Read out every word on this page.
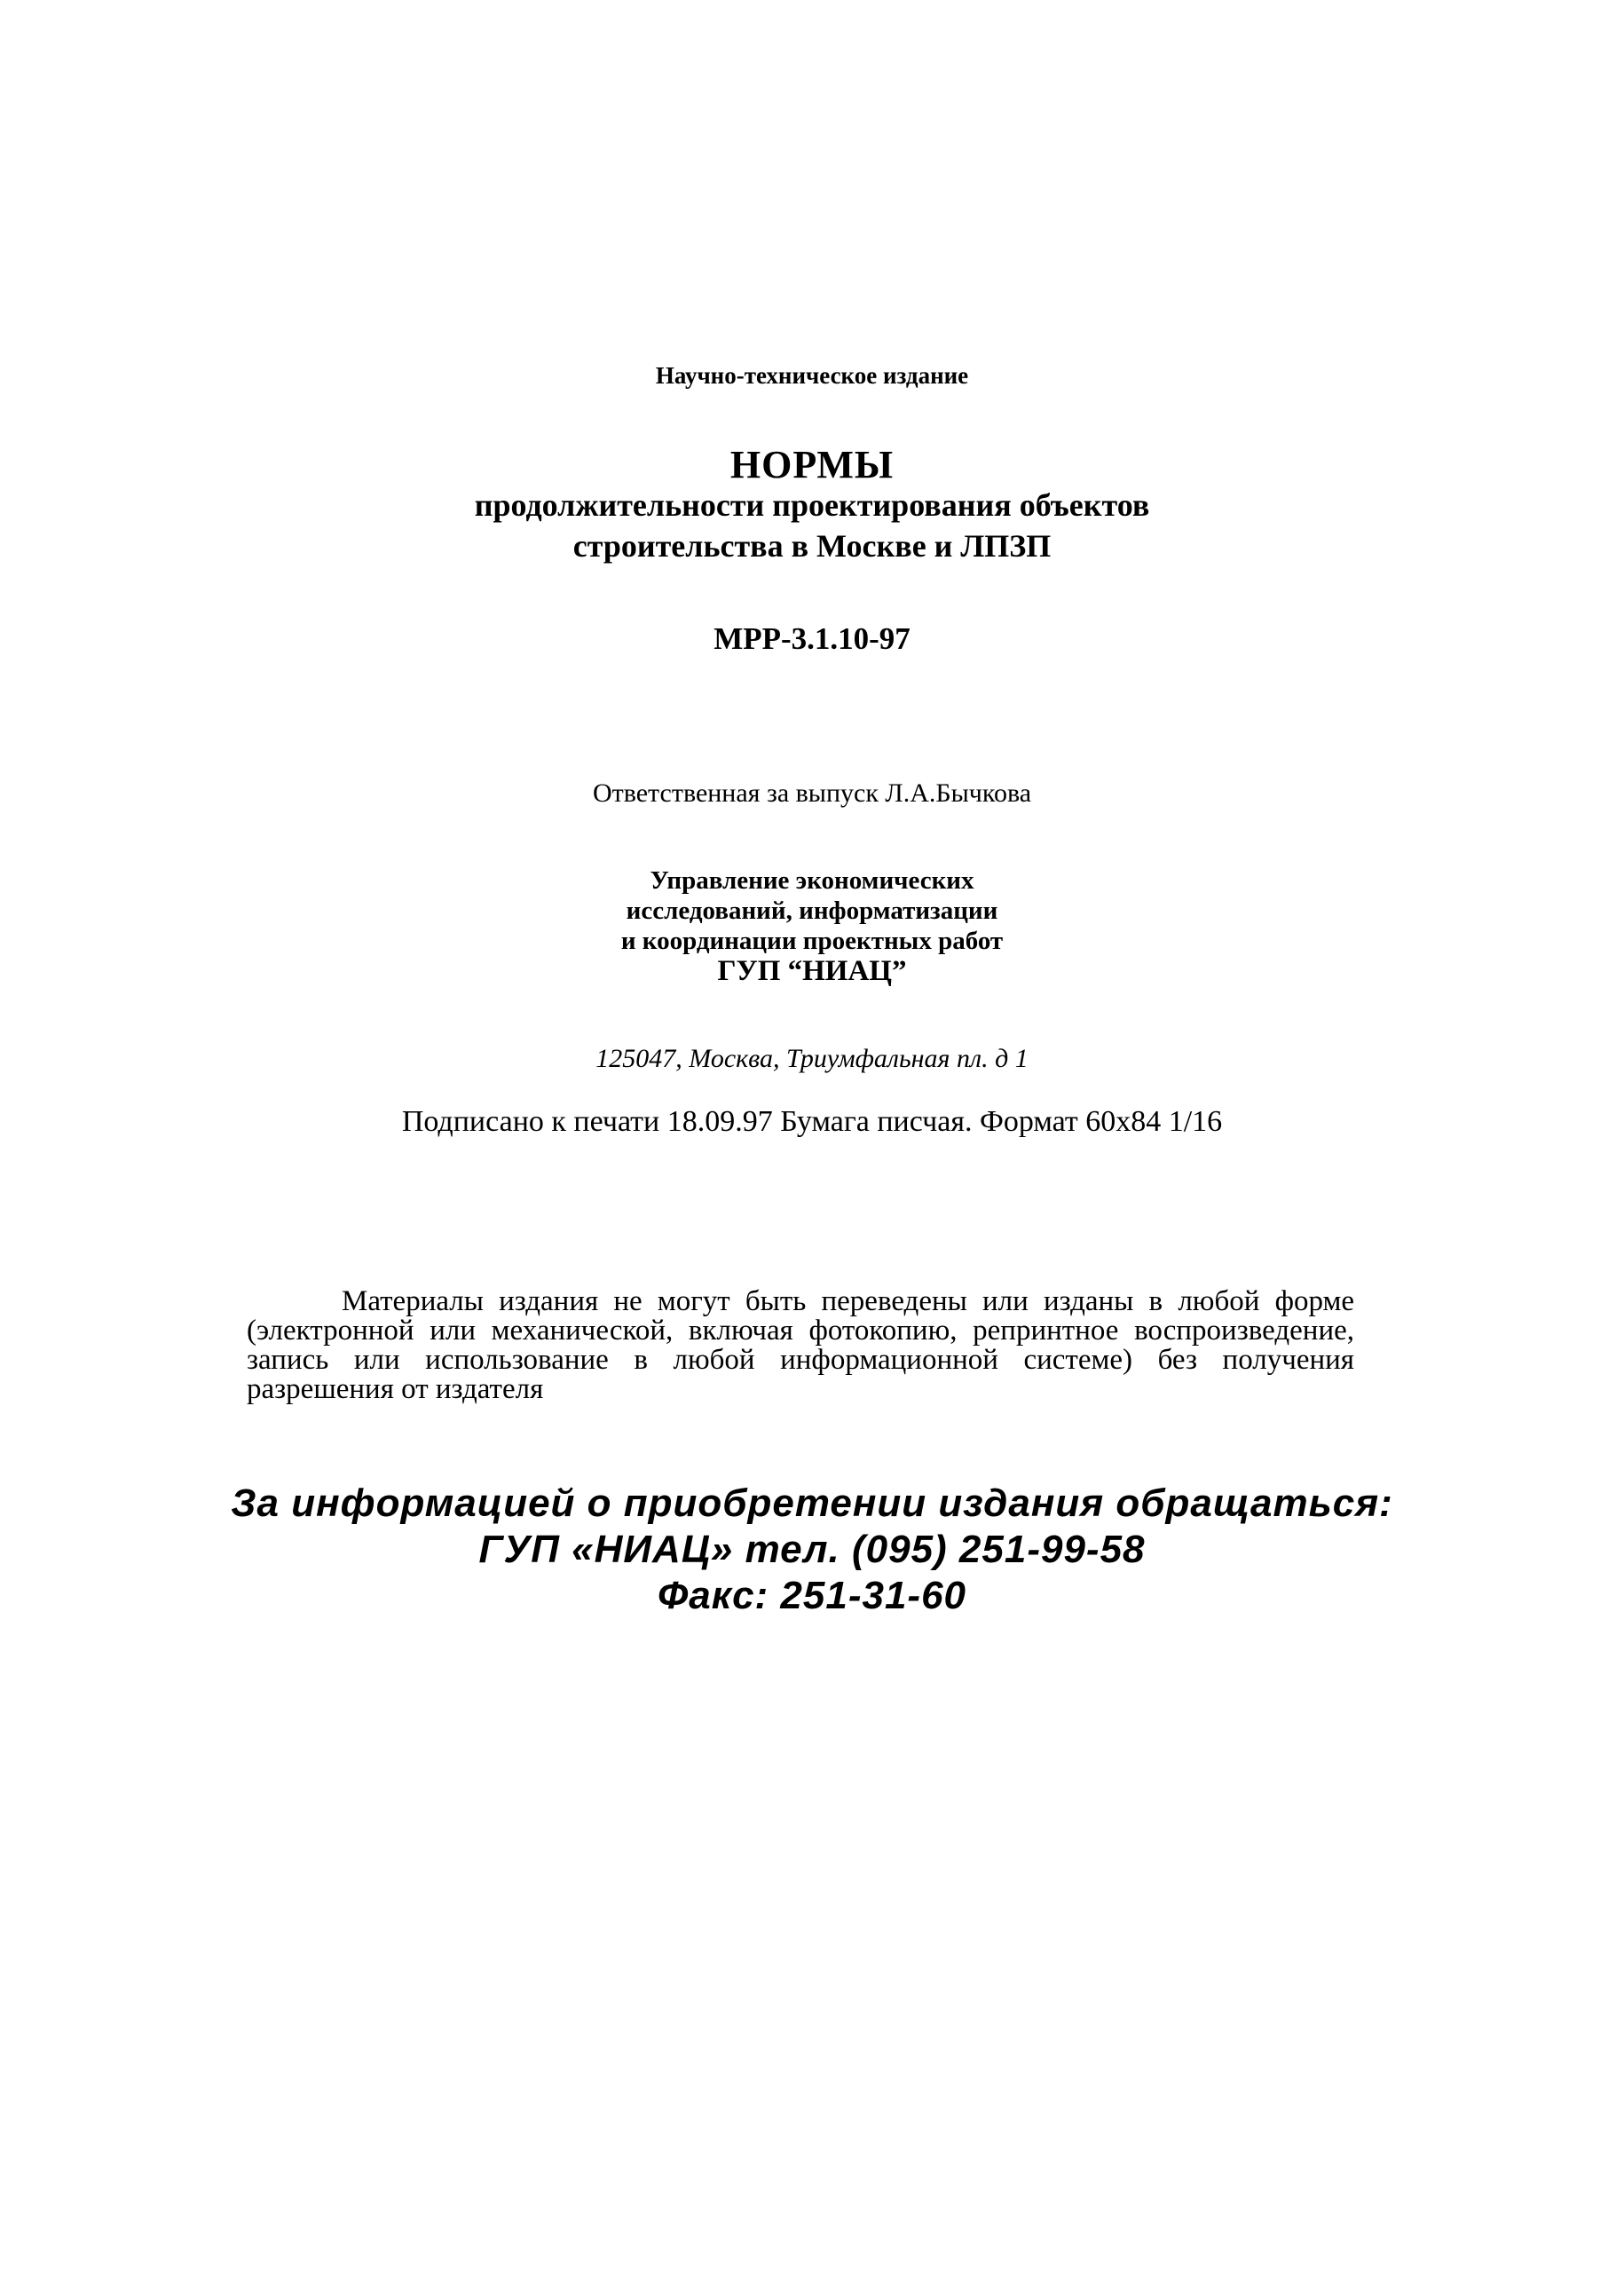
Научно-техническое издание
НОРМЫ
продолжительности проектирования объектов
строительства в Москве и ЛПЗП
МРР-3.1.10-97
Ответственная за выпуск Л.А.Бычкова
Управление экономических
исследований, информатизации
и координации проектных работ
ГУП “НИАЦ”
125047, Москва, Триумфальная пл. д 1
Подписано к печати 18.09.97 Бумага писчая. Формат 60x84 1/16

Материалы издания не могут быть переведены или изданы в любой форме (электронной или механической, включая фотокопию, репринтное воспроизведение, запись или использование в любой информационной системе) без получения разрешения от издателя

За информацией о приобретении издания обращаться:
ГУП «НИАЦ» тел. (095) 251-99-58
Факс: 251-31-60
